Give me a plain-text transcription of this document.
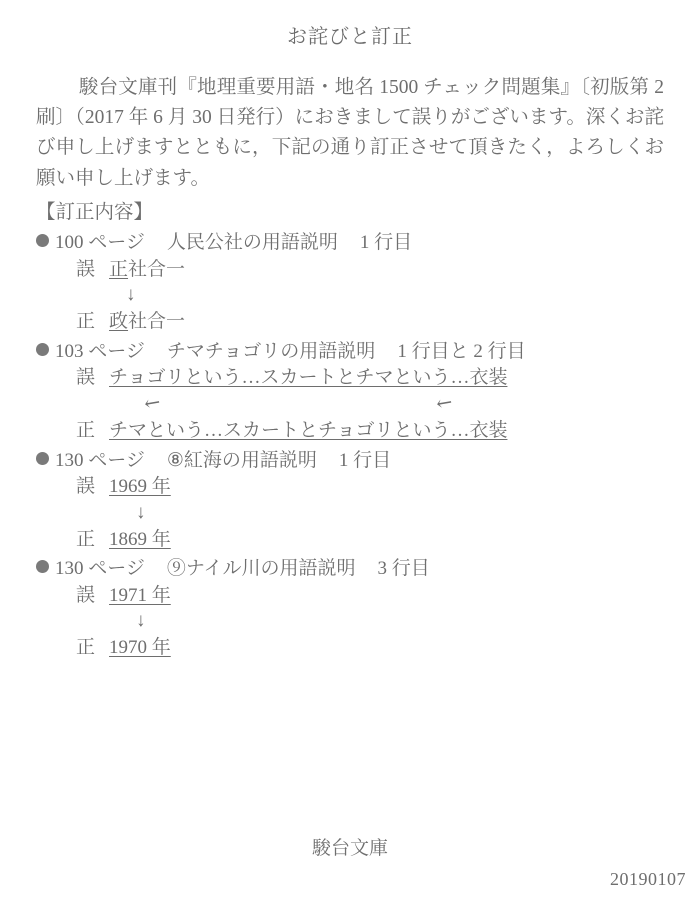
お詫びと訂正

駿台文庫刊『地理重要用語・地名 1500 チェック問題集』〔初版第 2 刷〕（2017 年 6 月 30 日発行）におきまして誤りがございます。深くお詫び申し上げますとともに，下記の通り訂正させて頂きたく，よろしくお願い申し上げます。

【訂正内容】
100 ページ 人民公社の用語説明 1 行目
誤 正社合一
↓
正 政社合一
103 ページ チマチョゴリの用語説明 1 行目と 2 行目
誤 チョゴリという…スカートとチマという…衣装
↙	↙
正 チマという…スカートとチョゴリという…衣装
130 ページ ⑧紅海の用語説明 1 行目
誤 1969 年
↓
正 1869 年
130 ページ ⑨ナイル川の用語説明 3 行目
誤 1971 年
↓
正 1970 年
駿台文庫
20190107
